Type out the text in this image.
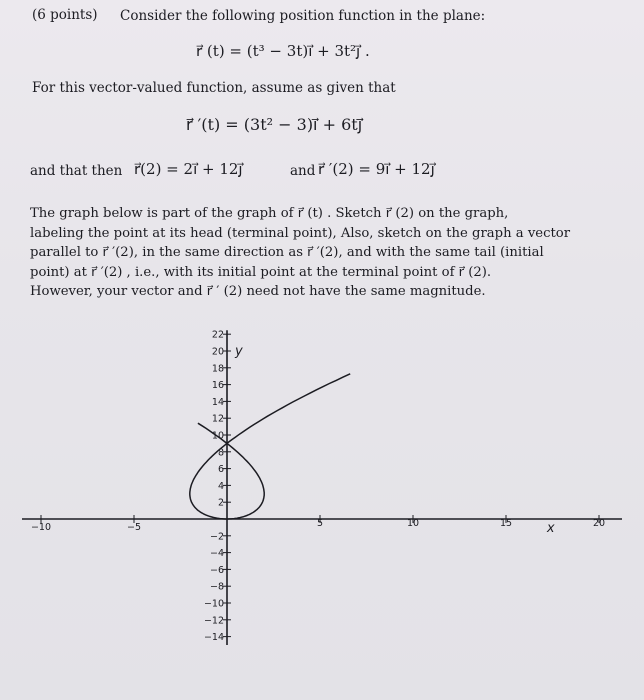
(6 points) Consider the following position function in the plane:
r⃗ (t) = (t³ − 3t)i⃗ + 3t²j⃗ .
For this vector-valued function, assume as given that
r⃗ ′(t) = (3t² − 3)i⃗ + 6tj⃗
and that then r⃗(2) = 2i⃗ + 12j⃗	and r⃗ ′(2) = 9i⃗ + 12j⃗
The graph below is part of the graph of r⃗ (t) . Sketch r⃗ (2) on the graph,
labeling the point at its head (terminal point), Also, sketch on the graph a vector
parallel to r⃗ ′(2), in the same direction as r⃗ ′(2), and with the same tail (initial
point) at r⃗ ′(2) , i.e., with its initial point at the terminal point of r⃗ (2).
However, your vector and r⃗ ′ (2) need not have the same magnitude.
−10	−5	5	10	15	20
22
20
18
16
14
12
10
8
6
4
2
−2
−4
−6
−8
−10
−12
−14
y
x
